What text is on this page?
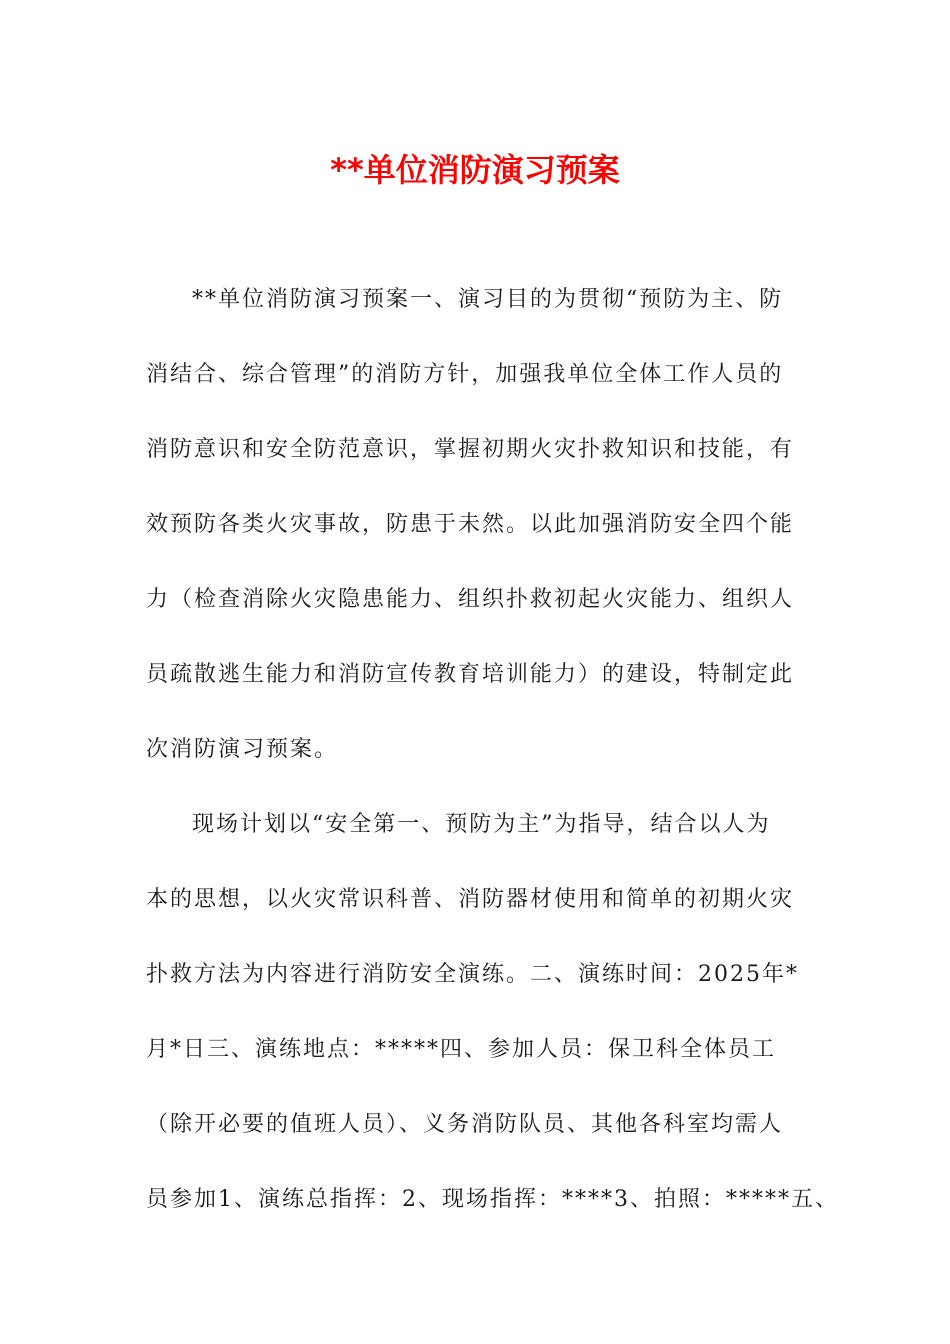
**单位消防演习预案
**单位消防演习预案一、演习目的为贯彻“预防为主、防
消结合、综合管理”的消防方针，加强我单位全体工作人员的
消防意识和安全防范意识，掌握初期火灾扑救知识和技能，有
效预防各类火灾事故，防患于未然。以此加强消防安全四个能
力（检查消除火灾隐患能力、组织扑救初起火灾能力、组织人
员疏散逃生能力和消防宣传教育培训能力）的建设，特制定此
次消防演习预案。
现场计划以“安全第一、预防为主”为指导，结合以人为
本的思想，以火灾常识科普、消防器材使用和简单的初期火灾
扑救方法为内容进行消防安全演练。二、演练时间：2025年*
月*日三、演练地点：*****四、参加人员：保卫科全体员工
（除开必要的值班人员）、义务消防队员、其他各科室均需人
员参加1、演练总指挥：2、现场指挥：****3、拍照：*****五、
